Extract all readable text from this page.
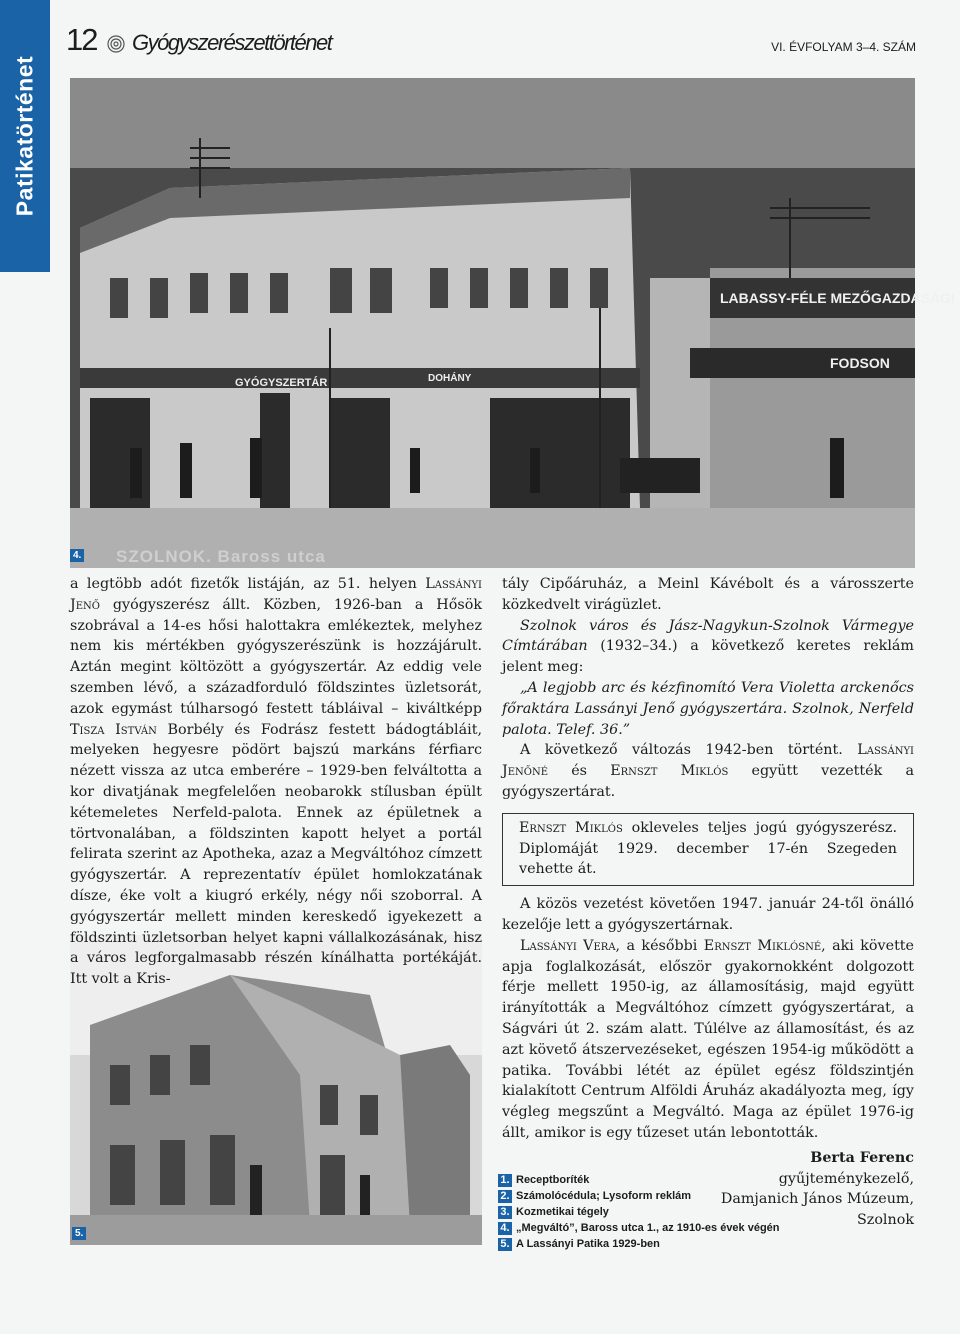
Patikatörténet
12 Gyógyszerészettörténet	VI. ÉVFOLYAM 3–4. SZÁM
GYÓGYSZERTÁR	DOHÁNY
LABASSY-FÉLE MEZŐGAZDASÁGI
FODSON
4. SZOLNOK. Baross utca
5.

a legtöbb adót fizetők listáján, az 51. helyen Lassányi Jenő gyógyszerész állt. Közben, 1926-ban a Hősök szobrával a 14-es hősi halottakra emlékeztek, melyhez nem kis mértékben gyógyszerészünk is hozzájárult. Aztán megint költözött a gyógyszertár. Az eddig vele szemben lévő, a századforduló földszintes üzletsorát, azok egymást túlharsogó festett tábláival – kiváltképp Tisza István Borbély és Fodrász festett bádogtábláit, melyeken hegyesre pödört bajszú markáns férfiarc nézett vissza az utca emberére – 1929-ben felváltotta a kor divatjának megfelelően neobarokk stílusban épült kétemeletes Nerfeld-palota. Ennek az épületnek a törtvonalában, a földszinten kapott helyet a portál felirata szerint az Apotheka, azaz a Megváltóhoz címzett gyógyszertár. A reprezentatív épület homlokzatának dísze, éke volt a kiugró erkély, négy női szoborral. A gyógyszertár mellett minden kereskedő igyekezett a földszinti üzletsorban helyet kapni vállalkozásának, hisz a város legforgalmasabb részén kínálhatta portékáját. Itt volt a Kris-

tály Cipőáruház, a Meinl Kávébolt és a városszerte közkedvelt virágüzlet.

Szolnok város és Jász-Nagykun-Szolnok Vármegye Címtárában (1932–34.) a következő keretes reklám jelent meg:

„A legjobb arc és kézfinomító Vera Violetta arckenőcs főraktára Lassányi Jenő gyógyszertára. Szolnok, Nerfeld palota. Telef. 36.”

A következő változás 1942-ben történt. Lassányi Jenőné és Ernszt Miklós együtt vezették a gyógyszertárat.

Ernszt Miklós okleveles teljes jogú gyógyszerész. Diplomáját 1929. december 17-én Szegeden vehette át.

A közös vezetést követően 1947. január 24-től önálló kezelője lett a gyógyszertárnak.

Lassányi Vera, a későbbi Ernszt Miklósné, aki követte apja foglalkozását, először gyakornokként dolgozott férje mellett 1950-ig, az államosításig, majd együtt irányították a Megváltóhoz címzett gyógyszertárat, a Ságvári út 2. szám alatt. Túlélve az államosítást, és az azt követő átszervezéseket, egészen 1954-ig működött a patika. További létét az épület egész földszintjén kialakított Centrum Alföldi Áruház akadályozta meg, így végleg megszűnt a Megváltó. Maga az épület 1976-ig állt, amikor is egy tűzeset után lebontották.

Berta Ferenc
gyűjteménykezelő,
Damjanich János Múzeum,
Szolnok
1. Receptboríték
2. Számolócédula; Lysoform reklám
3. Kozmetikai tégely
4. „Megváltó”, Baross utca 1., az 1910-es évek végén
5. A Lassányi Patika 1929-ben
